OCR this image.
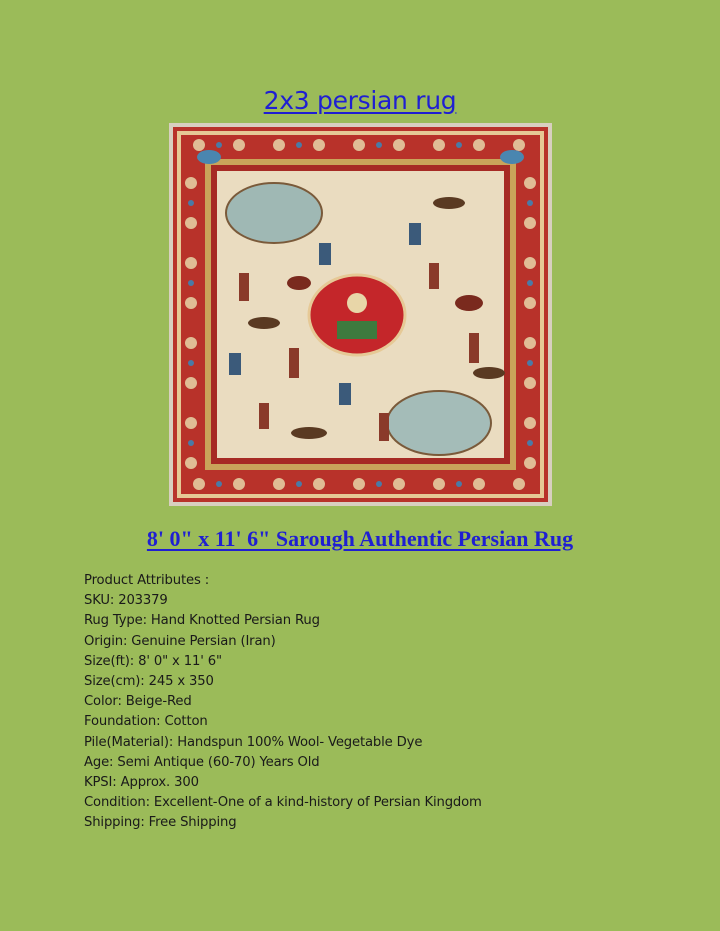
2x3 persian rug
8' 0" x 11' 6" Sarough Authentic Persian Rug
Product Attributes :
SKU: 203379
Rug Type: Hand Knotted Persian Rug
Origin: Genuine Persian (Iran)
Size(ft): 8' 0" x 11' 6"
Size(cm): 245 x 350
Color: Beige-Red
Foundation: Cotton
Pile(Material): Handspun 100% Wool- Vegetable Dye
Age: Semi Antique (60-70) Years Old
KPSI: Approx. 300
Condition: Excellent-One of a kind-history of Persian Kingdom
Shipping: Free Shipping
